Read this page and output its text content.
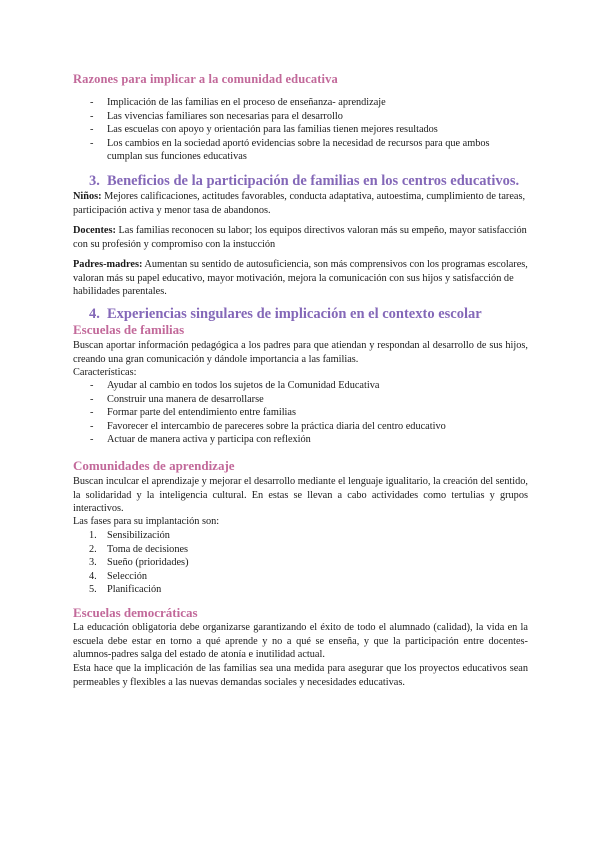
Razones para implicar a la comunidad educativa
- Implicación de las familias en el proceso de enseñanza- aprendizaje
- Las vivencias familiares son necesarias para el desarrollo
- Las escuelas con apoyo y orientación para las familias tienen mejores resultados
- Los cambios en la sociedad aportó evidencias sobre la necesidad de recursos para que ambos cumplan sus funciones educativas
3. Beneficios de la participación de familias en los centros educativos.

Niños: Mejores calificaciones, actitudes favorables, conducta adaptativa, autoestima, cumplimiento de tareas, participación activa y menor tasa de abandonos.

Docentes: Las familias reconocen su labor; los equipos directivos valoran más su empeño, mayor satisfacción con su profesión y compromiso con la instucción

Padres-madres: Aumentan su sentido de autosuficiencia, son más comprensivos con los programas escolares, valoran más su papel educativo, mayor motivación, mejora la comunicación con sus hijos y satisfacción de habilidades parentales.

4. Experiencias singulares de implicación en el contexto escolar
Escuelas de familias

Buscan aportar información pedagógica a los padres para que atiendan y respondan al desarrollo de sus hijos, creando una gran comunicación y dándole importancia a las familias.

Características:

- Ayudar al cambio en todos los sujetos de la Comunidad Educativa
- Construir una manera de desarrollarse
- Formar parte del entendimiento entre familias
- Favorecer el intercambio de pareceres sobre la práctica diaria del centro educativo
- Actuar de manera activa y participa con reflexión
Comunidades de aprendizaje

Buscan inculcar el aprendizaje y mejorar el desarrollo mediante el lenguaje igualitario, la creación del sentido, la solidaridad y la inteligencia cultural. En estas se llevan a cabo actividades como tertulias y grupos interactivos.

Las fases para su implantación son:

1. Sensibilización
2. Toma de decisiones
3. Sueño (prioridades)
4. Selección
5. Planificación
Escuelas democráticas

La educación obligatoria debe organizarse garantizando el éxito de todo el alumnado (calidad), la vida en la escuela debe estar en torno a qué aprende y no a qué se enseña, y que la participación entre docentes-alumnos-padres salga del estado de atonía e inutilidad actual.

Esta hace que la implicación de las familias sea una medida para asegurar que los proyectos educativos sean permeables y flexibles a las nuevas demandas sociales y necesidades educativas.
